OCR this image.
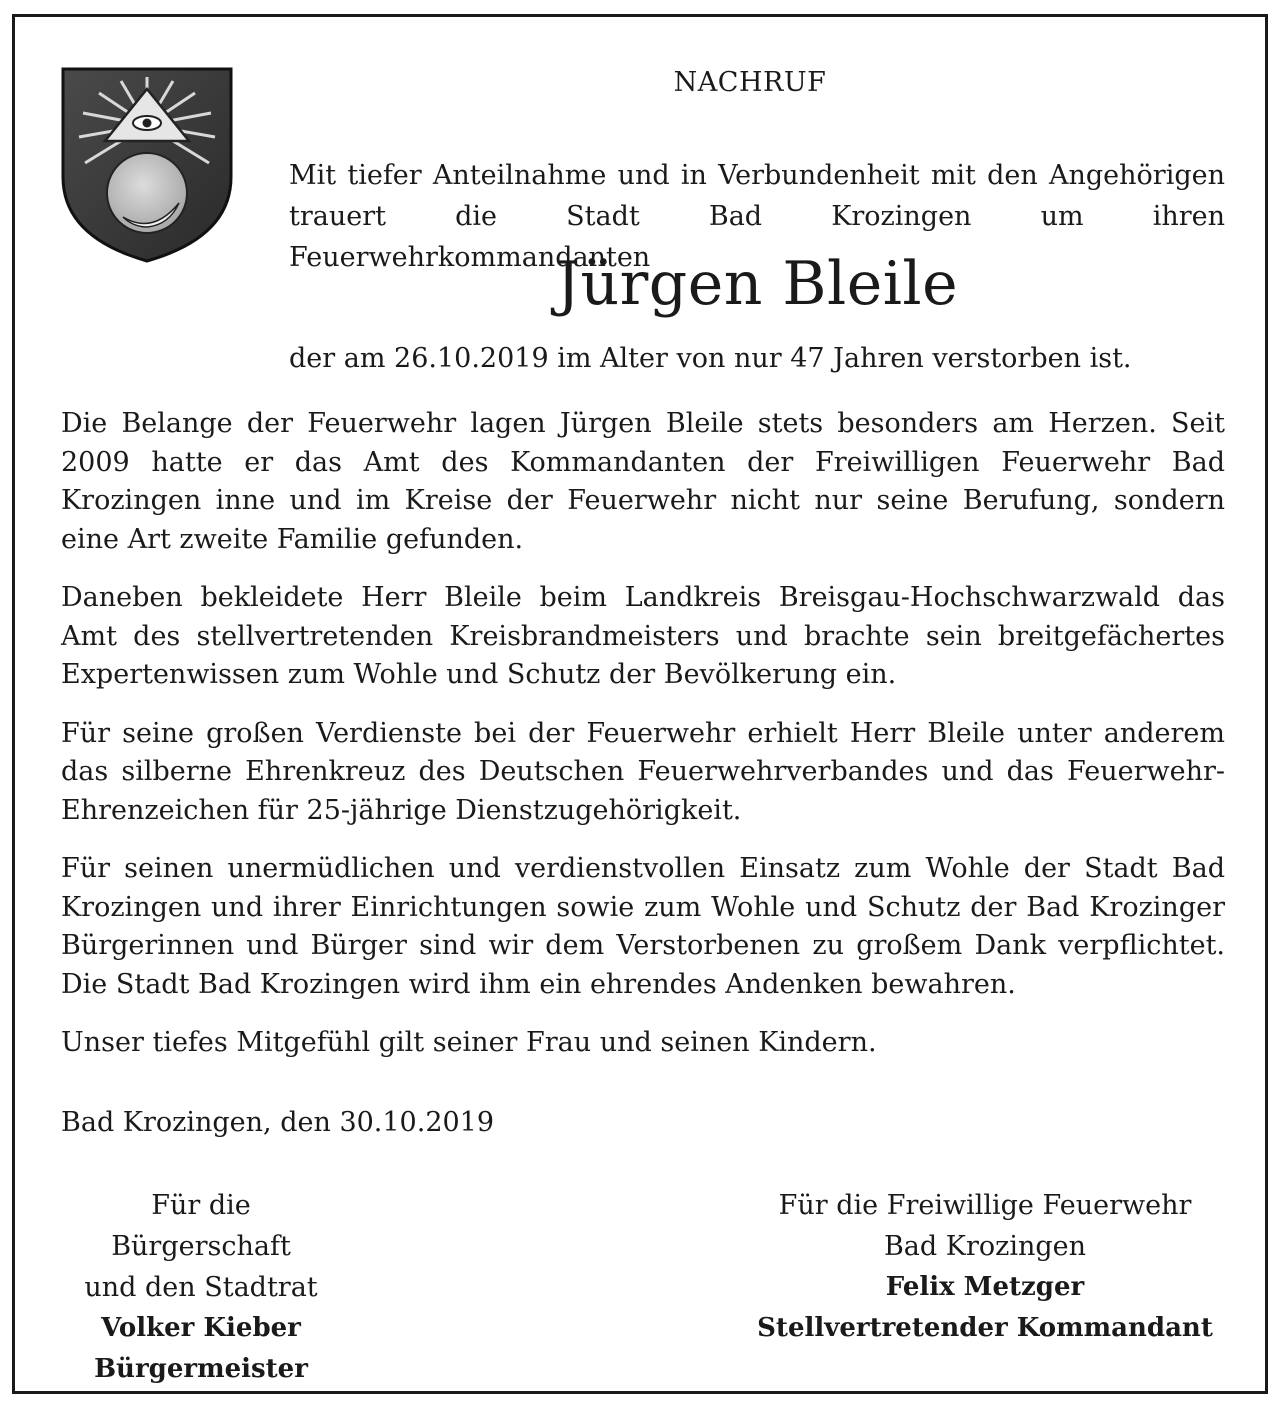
NACHRUF
Mit tiefer Anteilnahme und in Verbundenheit mit den Angehörigen
trauert die Stadt Bad Krozingen um ihren Feuerwehrkommandanten
Jürgen Bleile
der am 26.10.2019 im Alter von nur 47 Jahren verstorben ist.

Die Belange der Feuerwehr lagen Jürgen Bleile stets besonders am Herzen. Seit 2009 hatte er das Amt des Kommandanten der Freiwilligen Feuerwehr Bad Krozingen inne und im Kreise der Feuerwehr nicht nur seine Berufung, sondern eine Art zweite Familie gefunden.

Daneben bekleidete Herr Bleile beim Landkreis Breisgau-Hochschwarzwald das Amt des stellvertretenden Kreisbrandmeisters und brachte sein breitgefächertes Expertenwissen zum Wohle und Schutz der Bevölkerung ein.

Für seine großen Verdienste bei der Feuerwehr erhielt Herr Bleile unter anderem das silberne Ehrenkreuz des Deutschen Feuerwehrverbandes und das Feuerwehr-Ehrenzeichen für 25-jährige Dienstzugehörigkeit.

Für seinen unermüdlichen und verdienstvollen Einsatz zum Wohle der Stadt Bad Krozingen und ihrer Einrichtungen sowie zum Wohle und Schutz der Bad Krozinger Bürgerinnen und Bürger sind wir dem Verstorbenen zu großem Dank verpflichtet. Die Stadt Bad Krozingen wird ihm ein ehrendes Andenken bewahren.

Unser tiefes Mitgefühl gilt seiner Frau und seinen Kindern.

Bad Krozingen, den 30.10.2019
Für die Bürgerschaft
und den Stadtrat
Volker Kieber
Bürgermeister
Für die Freiwillige Feuerwehr
Bad Krozingen
Felix Metzger
Stellvertretender Kommandant
